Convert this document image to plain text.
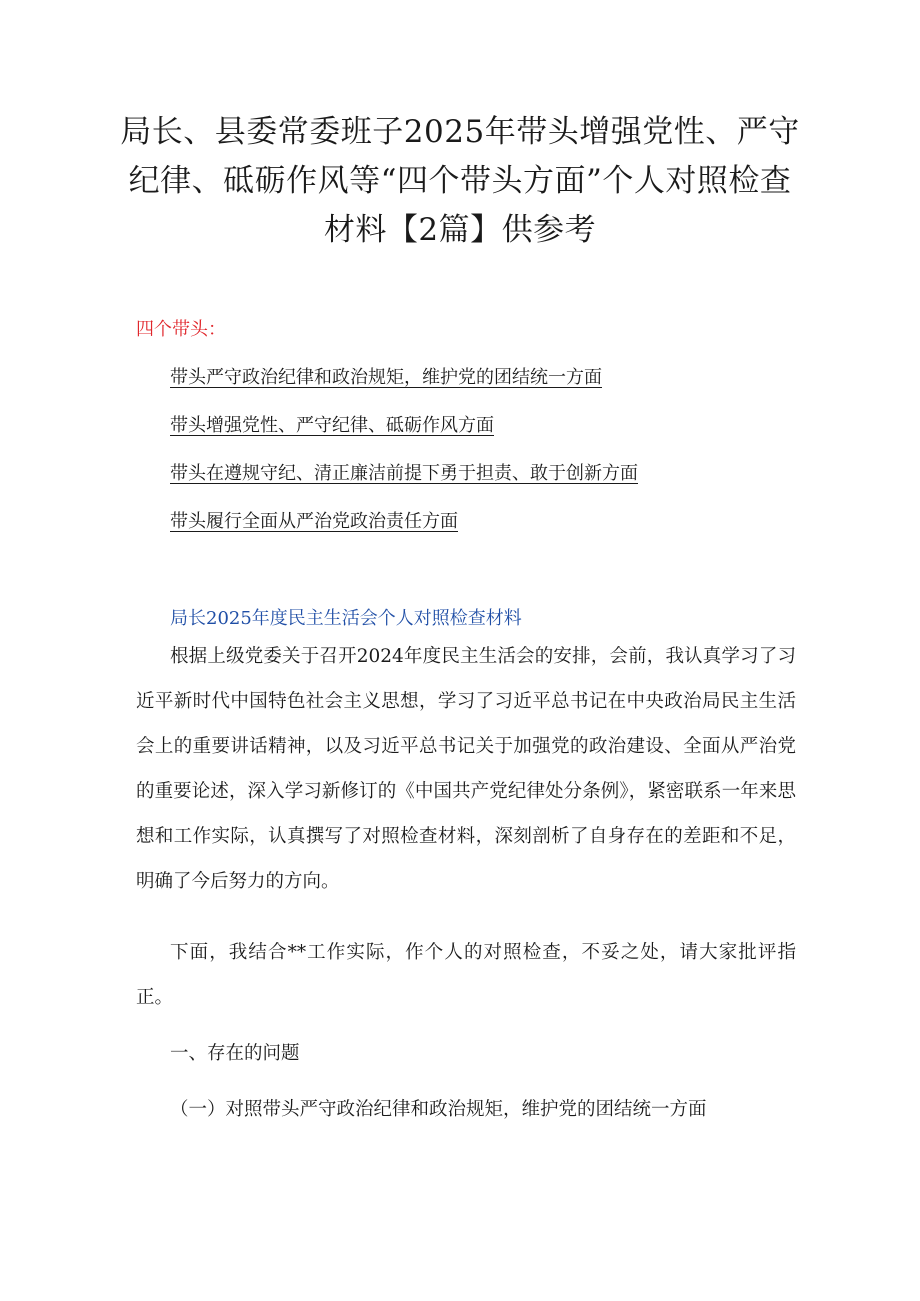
局长、县委常委班子2025年带头增强党性、严守纪律、砥砺作风等“四个带头方面”个人对照检查材料【2篇】供参考
四个带头：
带头严守政治纪律和政治规矩，维护党的团结统一方面
带头增强党性、严守纪律、砥砺作风方面
带头在遵规守纪、清正廉洁前提下勇于担责、敢于创新方面
带头履行全面从严治党政治责任方面
局长2025年度民主生活会个人对照检查材料

根据上级党委关于召开2024年度民主生活会的安排，会前，我认真学习了习近平新时代中国特色社会主义思想，学习了习近平总书记在中央政治局民主生活会上的重要讲话精神，以及习近平总书记关于加强党的政治建设、全面从严治党的重要论述，深入学习新修订的《中国共产党纪律处分条例》，紧密联系一年来思想和工作实际，认真撰写了对照检查材料，深刻剖析了自身存在的差距和不足，明确了今后努力的方向。

下面，我结合**工作实际，作个人的对照检查，不妥之处，请大家批评指正。

一、存在的问题
（一）对照带头严守政治纪律和政治规矩，维护党的团结统一方面
